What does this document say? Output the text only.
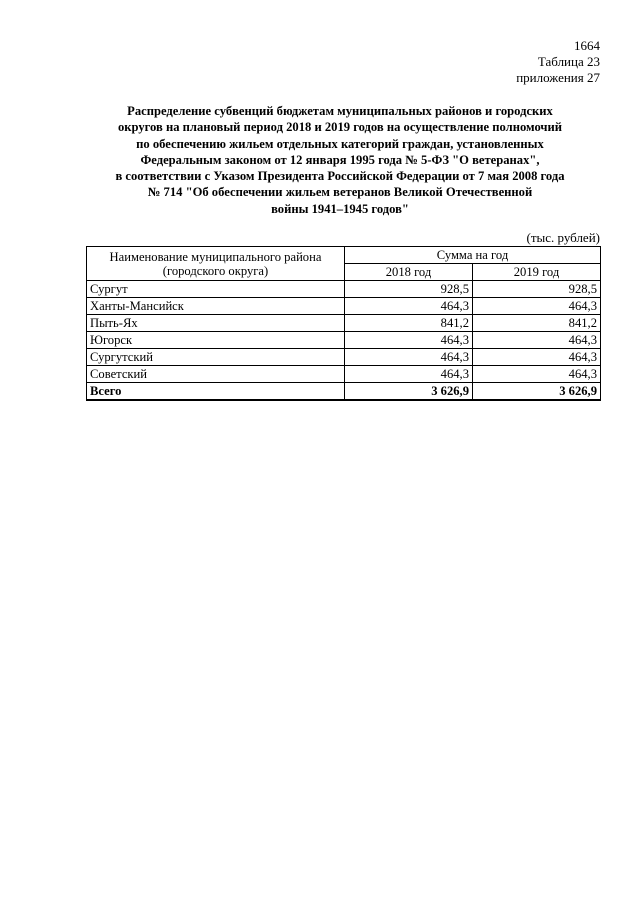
1664
Таблица 23
приложения 27
Распределение субвенций бюджетам муниципальных районов и городских
округов на плановый период 2018 и 2019 годов на осуществление полномочий
по обеспечению жильем отдельных категорий граждан, установленных
Федеральным законом от 12 января 1995 года № 5-ФЗ "О ветеранах",
в соответствии с Указом Президента Российской Федерации от 7 мая 2008 года
№ 714 "Об обеспечении жильем ветеранов Великой Отечественной
войны 1941–1945 годов"
(тыс. рублей)
Наименование муниципального района
(городского округа)	Сумма на год	
	2018 год	2019 год
Сургут	928,5	928,5
Ханты-Мансийск	464,3	464,3
Пыть-Ях	841,2	841,2
Югорск	464,3	464,3
Сургутский	464,3	464,3
Советский	464,3	464,3
Всего	3 626,9	3 626,9
